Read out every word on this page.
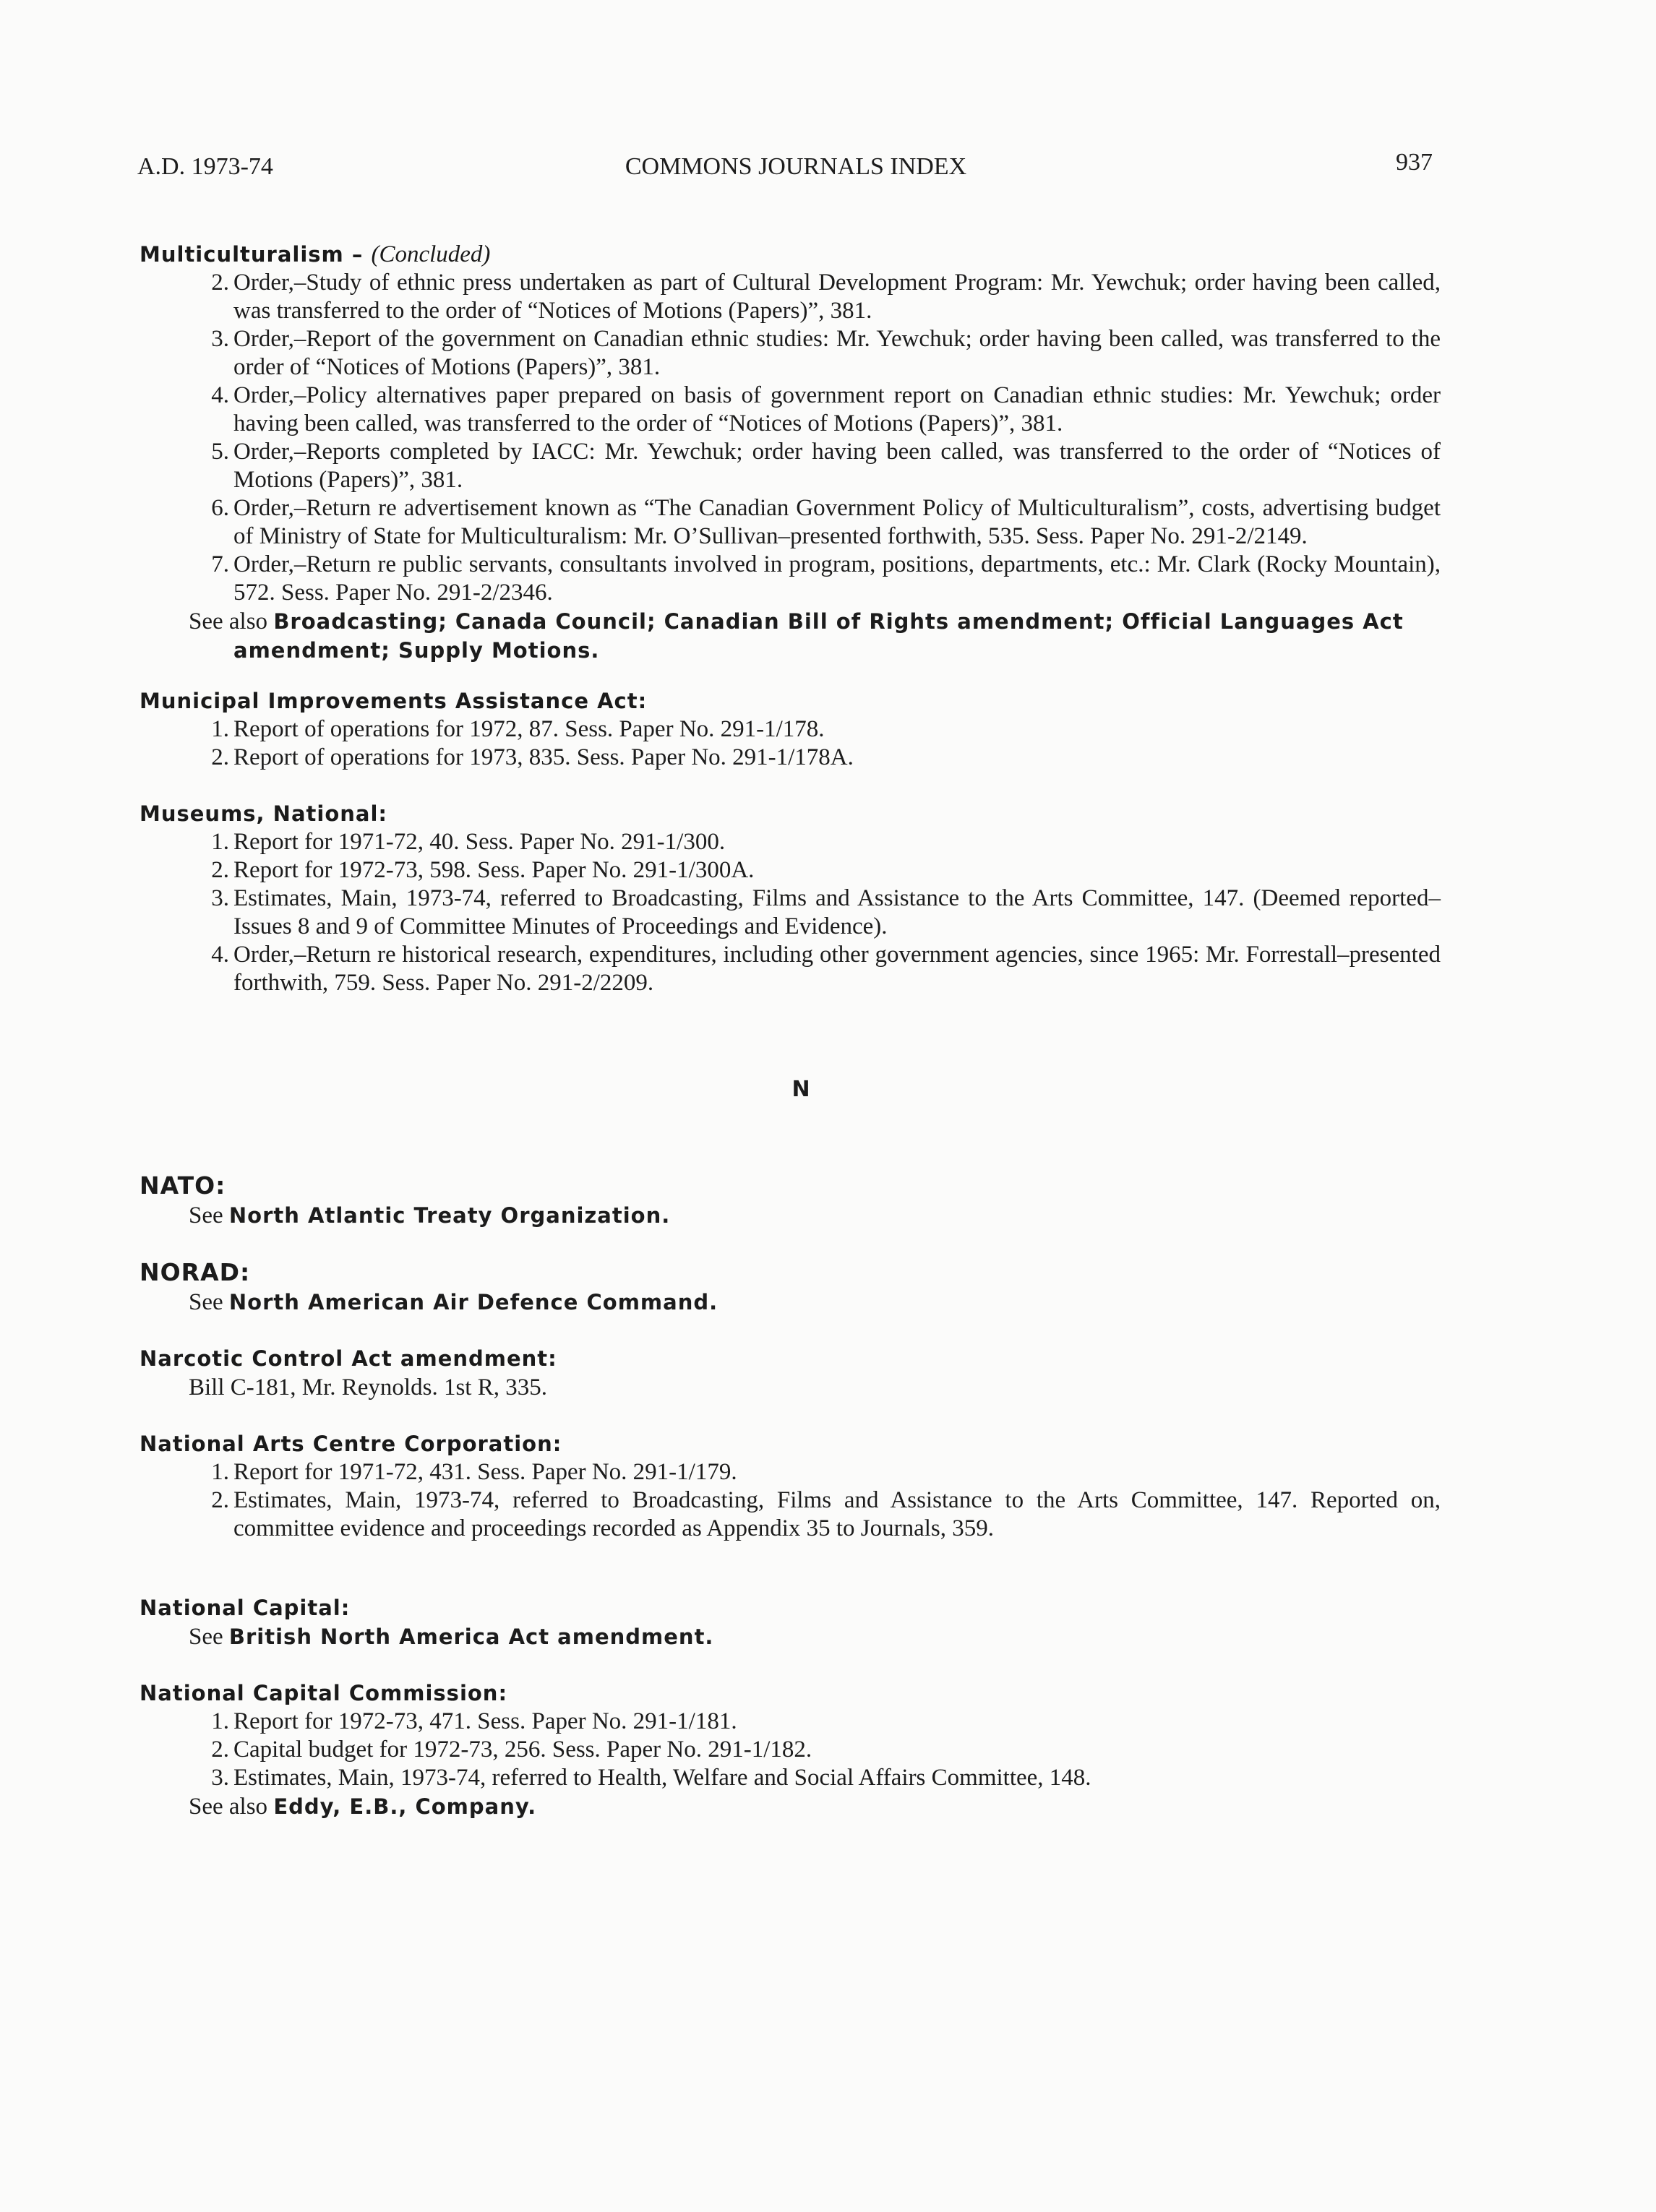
A.D. 1973-74	COMMONS JOURNALS INDEX	937
Multiculturalism – (Concluded)
2. Order,–Study of ethnic press undertaken as part of Cultural Development Program: Mr. Yewchuk; order having been called, was transferred to the order of “Notices of Motions (Papers)”, 381.
3. Order,–Report of the government on Canadian ethnic studies: Mr. Yewchuk; order having been called, was transferred to the order of “Notices of Motions (Papers)”, 381.
4. Order,–Policy alternatives paper prepared on basis of government report on Canadian ethnic studies: Mr. Yewchuk; order having been called, was transferred to the order of “Notices of Motions (Papers)”, 381.
5. Order,–Reports completed by IACC: Mr. Yewchuk; order having been called, was transferred to the order of “Notices of Motions (Papers)”, 381.
6. Order,–Return re advertisement known as “The Canadian Government Policy of Multiculturalism”, costs, advertising budget of Ministry of State for Multiculturalism: Mr. O’Sullivan–presented forthwith, 535. Sess. Paper No. 291-2/2149.
7. Order,–Return re public servants, consultants involved in program, positions, departments, etc.: Mr. Clark (Rocky Mountain), 572. Sess. Paper No. 291-2/2346.
See also Broadcasting; Canada Council; Canadian Bill of Rights amendment; Official Languages Act amendment; Supply Motions.
Municipal Improvements Assistance Act:
1. Report of operations for 1972, 87. Sess. Paper No. 291-1/178.
2. Report of operations for 1973, 835. Sess. Paper No. 291-1/178A.
Museums, National:
1. Report for 1971-72, 40. Sess. Paper No. 291-1/300.
2. Report for 1972-73, 598. Sess. Paper No. 291-1/300A.
3. Estimates, Main, 1973-74, referred to Broadcasting, Films and Assistance to the Arts Committee, 147. (Deemed reported–Issues 8 and 9 of Committee Minutes of Proceedings and Evidence).
4. Order,–Return re historical research, expenditures, including other government agencies, since 1965: Mr. Forrestall–presented forthwith, 759. Sess. Paper No. 291-2/2209.
N
NATO:
See North Atlantic Treaty Organization.
NORAD:
See North American Air Defence Command.
Narcotic Control Act amendment:
Bill C-181, Mr. Reynolds. 1st R, 335.
National Arts Centre Corporation:
1. Report for 1971-72, 431. Sess. Paper No. 291-1/179.
2. Estimates, Main, 1973-74, referred to Broadcasting, Films and Assistance to the Arts Committee, 147. Reported on, committee evidence and proceedings recorded as Appendix 35 to Journals, 359.
National Capital:
See British North America Act amendment.
National Capital Commission:
1. Report for 1972-73, 471. Sess. Paper No. 291-1/181.
2. Capital budget for 1972-73, 256. Sess. Paper No. 291-1/182.
3. Estimates, Main, 1973-74, referred to Health, Welfare and Social Affairs Committee, 148.
See also Eddy, E.B., Company.
